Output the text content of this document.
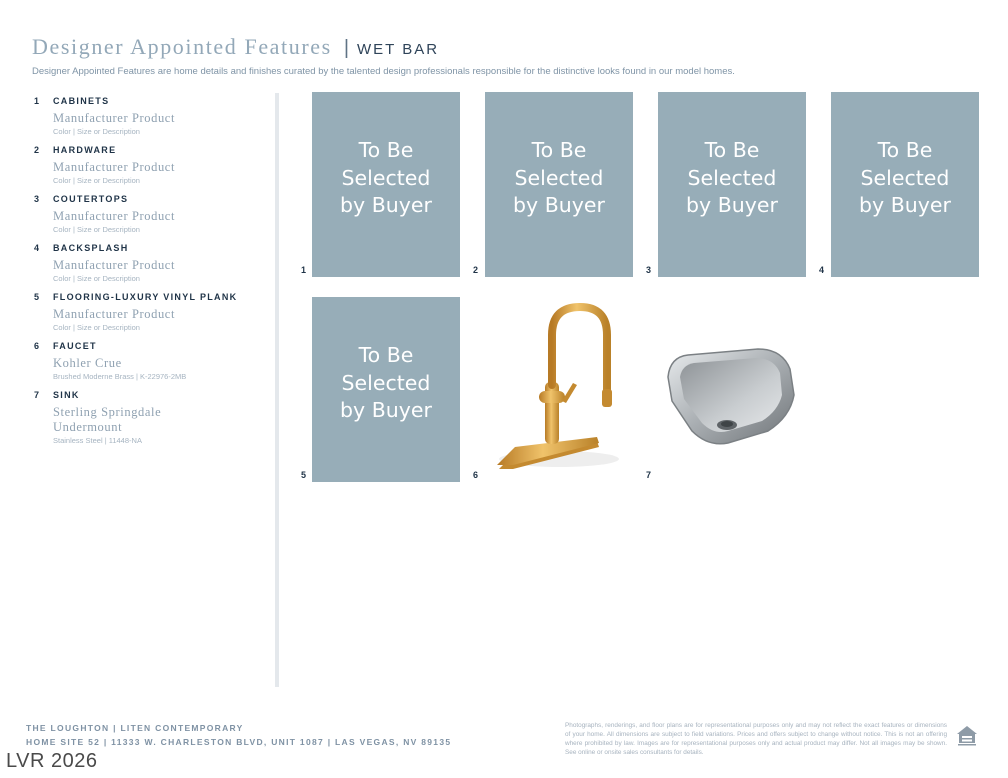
Designer Appointed Features | WET BAR
Designer Appointed Features are home details and finishes curated by the talented design professionals responsible for the distinctive looks found in our model homes.
1	CABINETS
Manufacturer Product
Color | Size or Description
2	HARDWARE
Manufacturer Product
Color | Size or Description
3	COUTERTOPS
Manufacturer Product
Color | Size or Description
4	BACKSPLASH
Manufacturer Product
Color | Size or Description
5	FLOORING-LUXURY VINYL PLANK
Manufacturer Product
Color | Size or Description
6	FAUCET
Kohler Crue
Brushed Moderne Brass | K-22976-2MB
7	SINK
Sterling Springdale Undermount
Stainless Steel | 11448-NA
To Be
Selected
by Buyer
1
To Be
Selected
by Buyer
2
To Be
Selected
by Buyer
3
To Be
Selected
by Buyer
4
To Be
Selected
by Buyer
5	6	7
THE LOUGHTON | LITEN CONTEMPORARY
HOME SITE 52 | 11333 W. CHARLESTON BLVD, UNIT 1087 | LAS VEGAS, NV 89135
Photographs, renderings, and floor plans are for representational purposes only and may not reflect the exact features or dimensions of your home. All dimensions are subject to field variations. Prices and offers subject to change without notice. This is not an offering where prohibited by law. Images are for representational purposes only and actual product may differ. Not all images may be shown. See online or onsite sales consultants for details.
LVR 2026
